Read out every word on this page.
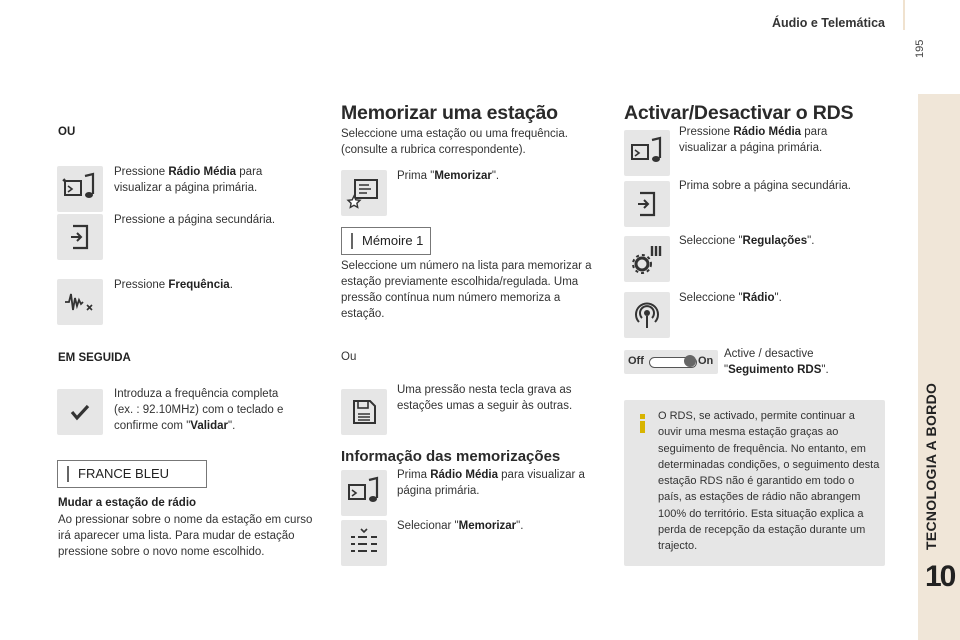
Áudio e Telemática
195
TECNOLOGIA A BORDO
10
OU
Pressione Rádio Média para visualizar a página primária.
Pressione a página secundária.
Pressione Frequência.
EM SEGUIDA
Introduza a frequência completa (ex. : 92.10MHz) com o teclado e confirme com "Validar".
FRANCE BLEU
Mudar a estação de rádio
Ao pressionar sobre o nome da estação em curso irá aparecer uma lista. Para mudar de estação pressione sobre o novo nome escolhido.
Memorizar uma estação
Seleccione uma estação ou uma frequência. (consulte a rubrica correspondente).
Prima "Memorizar".
Mémoire 1
Seleccione um número na lista para memorizar a estação previamente escolhida/regulada. Uma pressão contínua num número memoriza a estação.
Ou
Uma pressão nesta tecla grava as estações umas a seguir às outras.
Informação das memorizações
Prima Rádio Média para visualizar a página primária.
Selecionar "Memorizar".
Activar/Desactivar o RDS
Pressione Rádio Média para visualizar a página primária.
Prima sobre a página secundária.
Seleccione "Regulações".
Seleccione "Rádio".
Off	On
Active / desactive "Seguimento RDS".
O RDS, se activado, permite continuar a ouvir uma mesma estação graças ao seguimento de frequência. No entanto, em determinadas condições, o seguimento desta estação RDS não é garantido em todo o país, as estações de rádio não abrangem 100% do território. Esta situação explica a perda de recepção da estação durante um trajecto.
